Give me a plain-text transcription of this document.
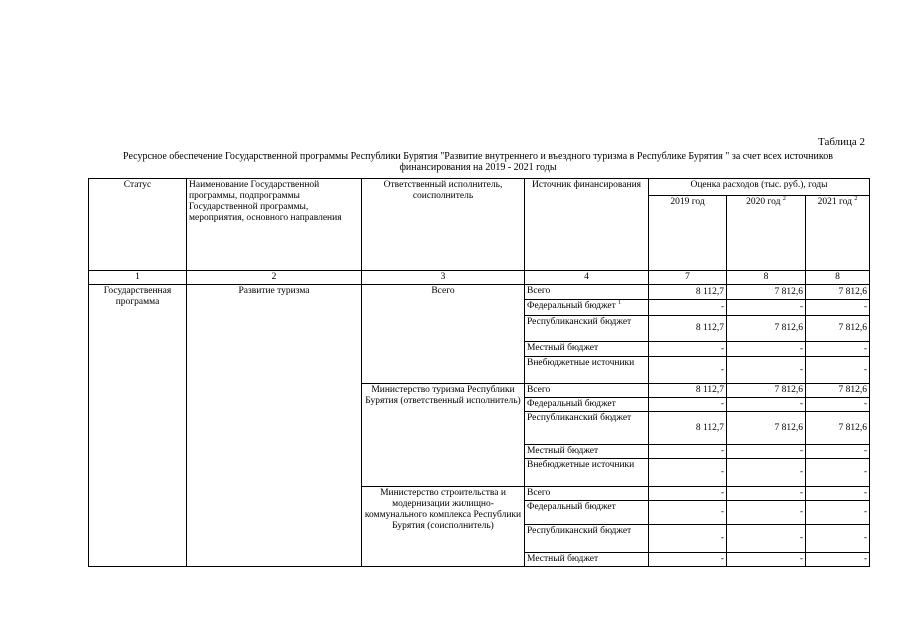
Таблица 2
Ресурсное обеспечение Государственной программы Республики Бурятия "Развитие внутреннего и въездного туризма в Республике Бурятия " за счет всех источников финансирования на 2019 - 2021 годы
Статус	Наименование Государственной программы, подпрограммы Государственной программы, мероприятия, основного направления	Ответственный исполнитель, соисполнитель	Источник финансирования	Оценка расходов (тыс. руб.), годы		
				2019 год	2020 год $^2$	2021 год $^2$
1	2	3	4	7	8	8
Государственная программа	Развитие туризма	Всего	Всего	8 112,7	7 812,6	7 812,6
			Федеральный бюджет $^1$	-	-	-
			Республиканский бюджет	8 112,7	7 812,6	7 812,6
			Местный бюджет	-	-	-
			Внебюджетные источники	-	-	-
		Министерство туризма Республики Бурятия (ответственный исполнитель)	Всего	8 112,7	7 812,6	7 812,6
			Федеральный бюджет	-	-	-
			Республиканский бюджет	8 112,7	7 812,6	7 812,6
			Местный бюджет	-	-	-
			Внебюджетные источники	-	-	-
		Министерство строительства и модернизации жилищно-коммунального комплекса Республики Бурятия (соисполнитель)	Всего	-	-	-
			Федеральный бюджет	-	-	-
			Республиканский бюджет	-	-	-
			Местный бюджет	-	-	-
